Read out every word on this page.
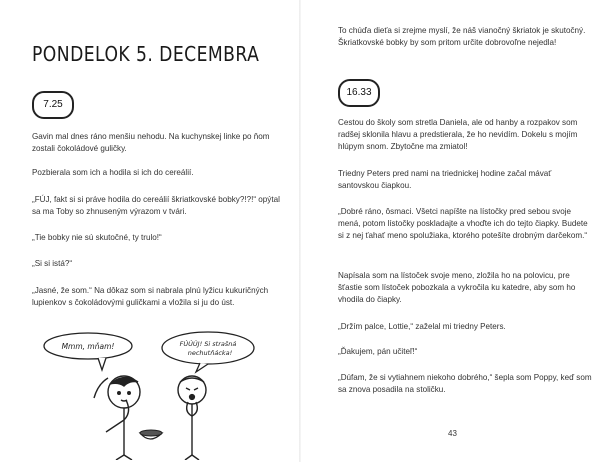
PONDELOK 5. DECEMBRA
7.25

Gavin mal dnes ráno menšiu nehodu. Na kuchynskej linke po ňom zostali čokoládové guličky.

Pozbierala som ich a hodila si ich do cereálií.

„FÚJ, fakt si si práve hodila do cereálií škriatkovské bobky?!?!“ opýtal sa ma Toby so zhnuseným výrazom v tvári.

„Tie bobky nie sú skutočné, ty trulo!“

„Si si istá?“

„Jasné, že som.“ Na dôkaz som si nabrala plnú lyžicu kukuričných lupienkov s čokoládovými guličkami a vložila si ju do úst.

Mmm, mňam!	FÚÚÚJ! Si strašná
nechutňácka!

To chúďa dieťa si zrejme myslí, že náš vianočný škriatok je skutočný. Škriatkovské bobky by som pritom určite dobrovoľne nejedla!

16.33

Cestou do školy som stretla Daniela, ale od hanby a rozpakov som radšej sklonila hlavu a predstierala, že ho nevidím. Dokelu s mojím hlúpym snom. Zbytočne ma zmiatol!

Triedny Peters pred nami na triednickej hodine začal mávať santovskou čiapkou.

„Dobré ráno, ôsmaci. Všetci napíšte na lístočky pred sebou svoje mená, potom lístočky poskladajte a vhoďte ich do tejto čiapky. Budete si z nej ťahať meno spolužiaka, ktorého potešíte drobným darčekom.“

Napísala som na lístoček svoje meno, zložila ho na polovicu, pre šťastie som lístoček pobozkala a vykročila ku katedre, aby som ho vhodila do čiapky.

„Držím palce, Lottie,“ zaželal mi triedny Peters.

„Ďakujem, pán učiteľ!“

„Dúfam, že si vytiahnem niekoho dobrého,“ šepla som Poppy, keď som sa znova posadila na stoličku.

43
